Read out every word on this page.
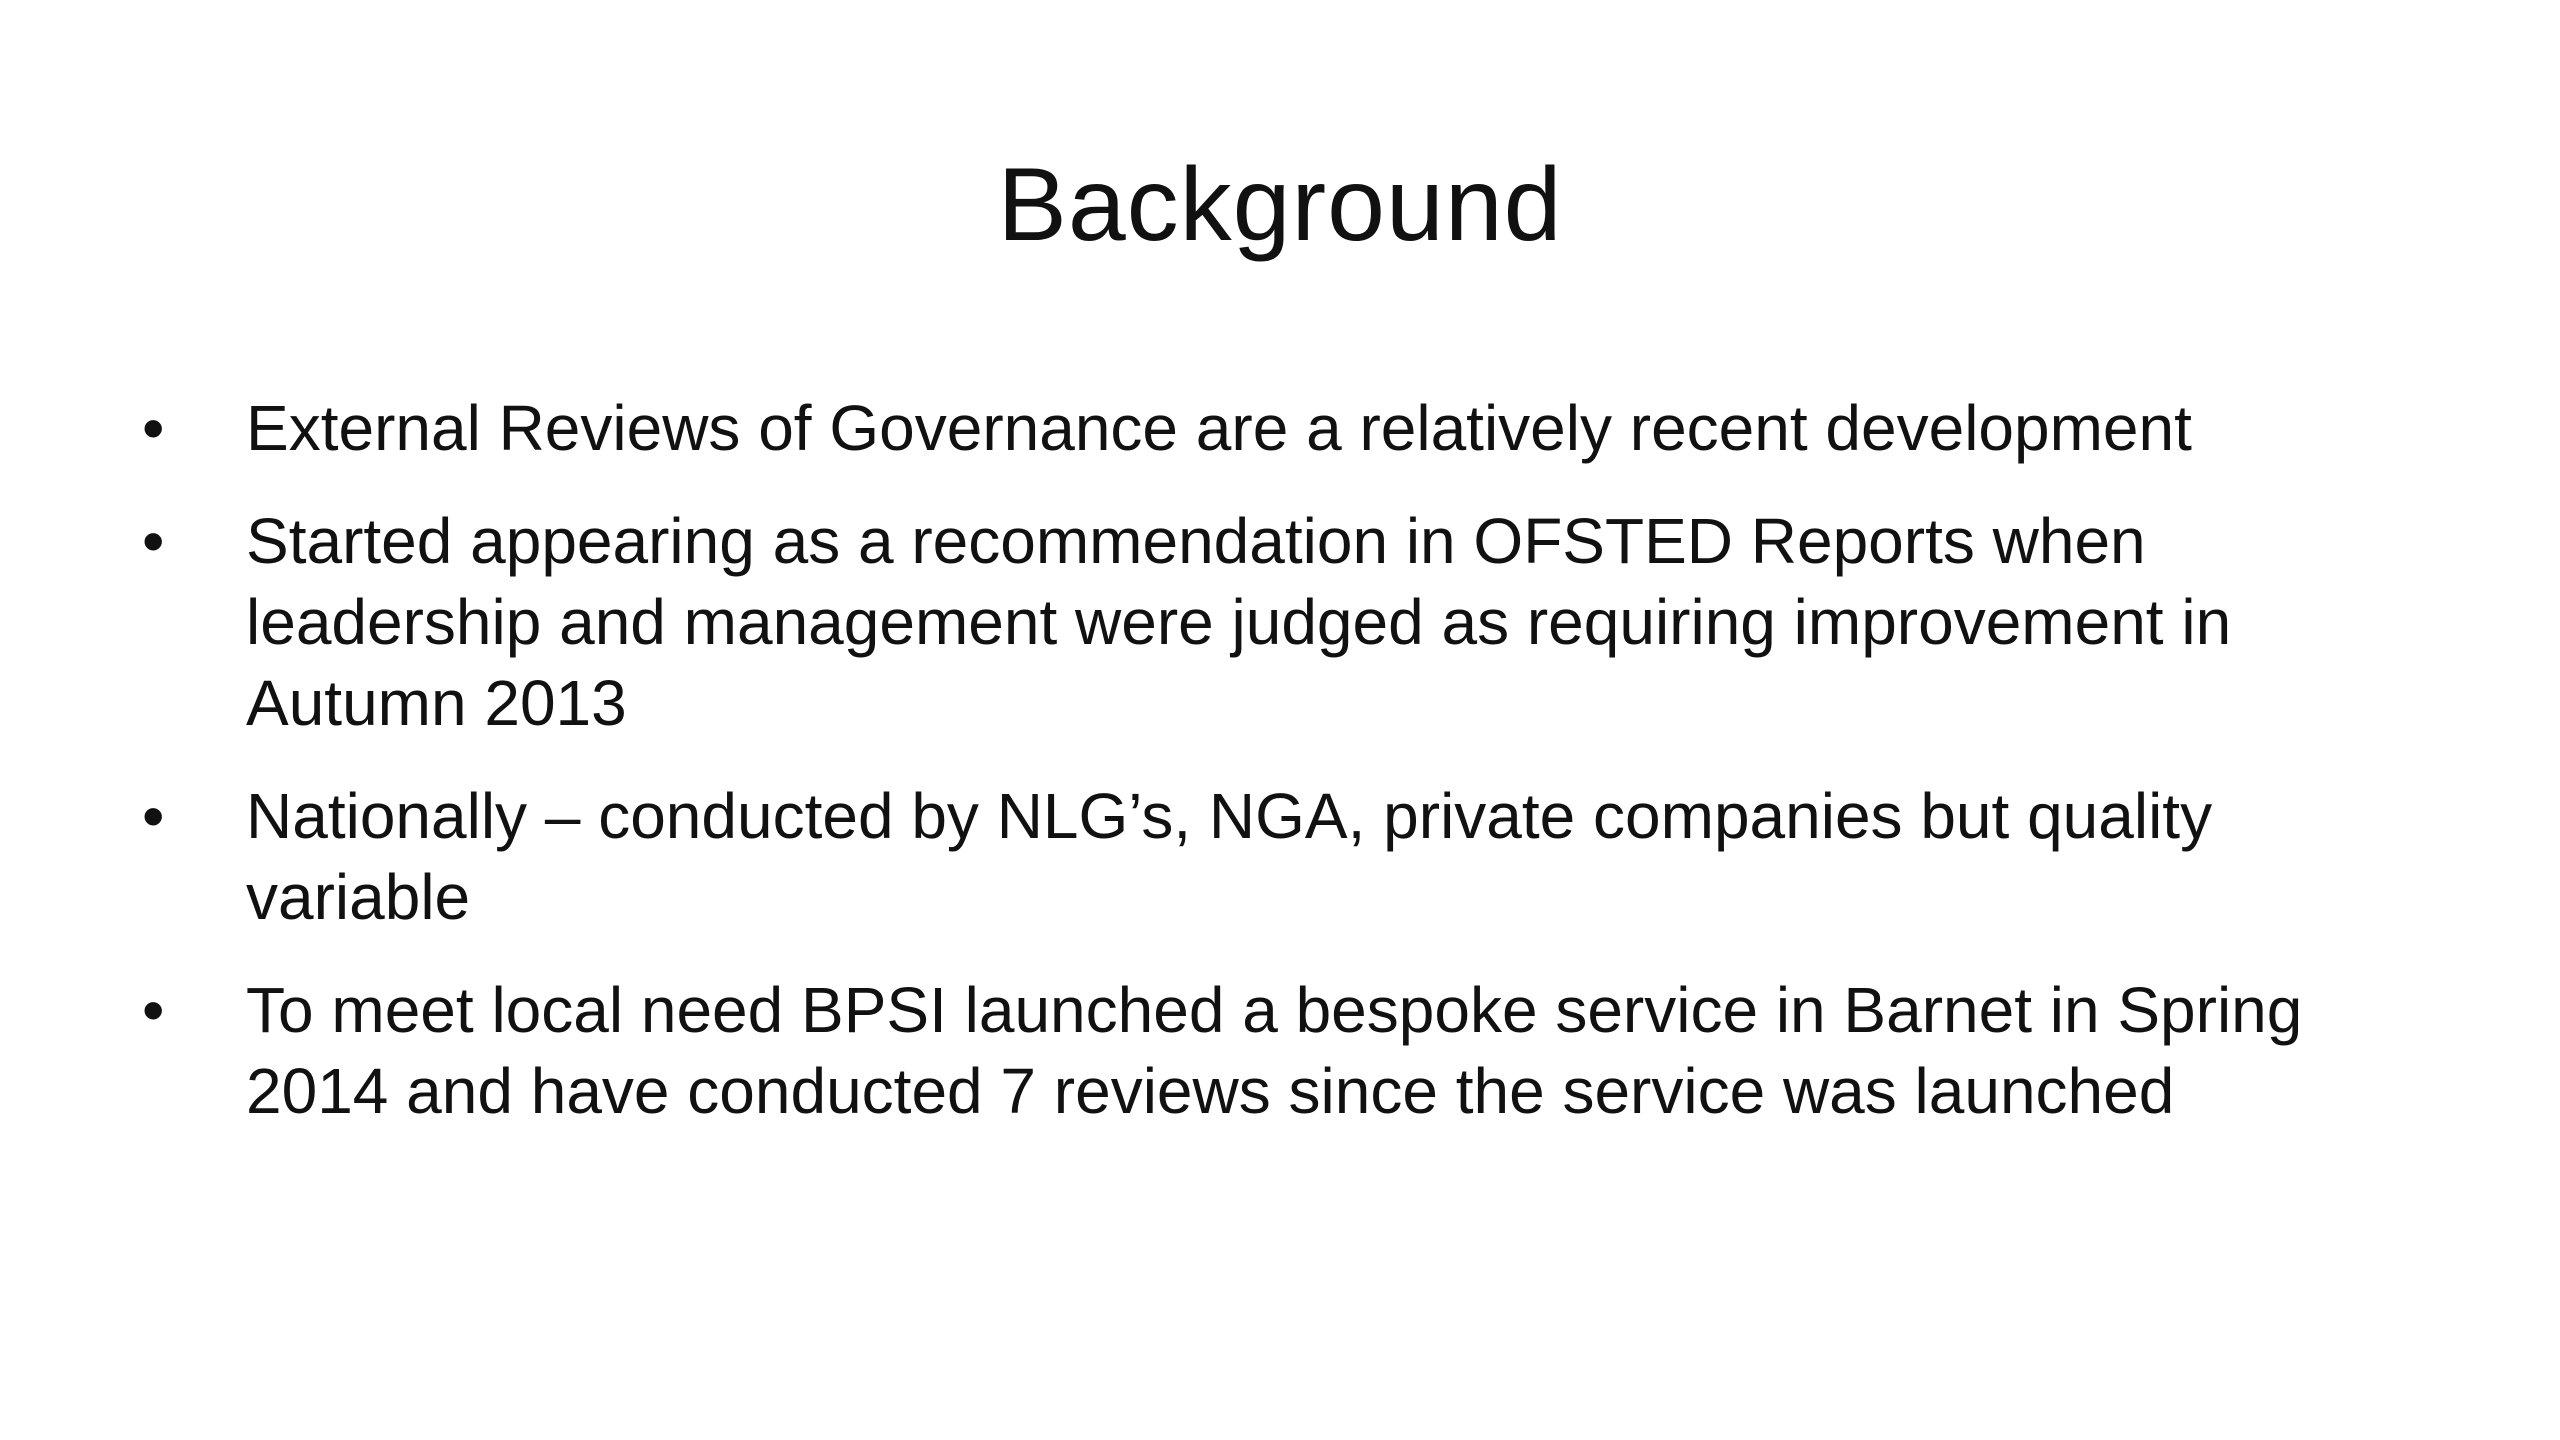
Background
•	External Reviews of Governance are a relatively recent development
•	Started appearing as a recommendation in OFSTED Reports when leadership and management were judged as requiring improvement in Autumn 2013
•	Nationally – conducted by NLG’s, NGA, private companies but quality variable
•	To meet local need BPSI launched a bespoke service in Barnet in Spring 2014 and have conducted 7 reviews since the service was launched
